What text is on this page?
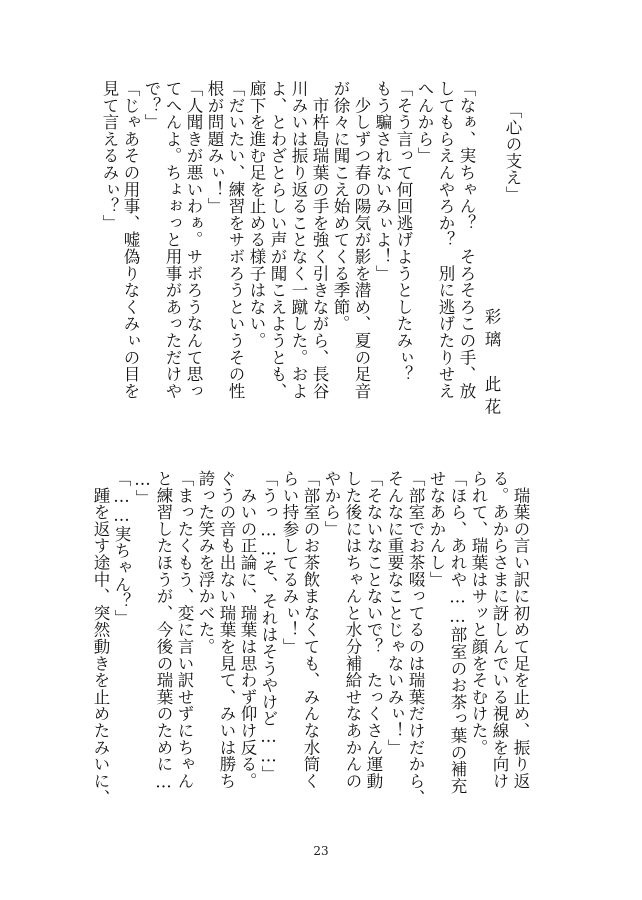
「心の支え」
彩璃　此花
「なぁ、実ちゃん？　そろそろこの手、放
してもらえんやろか？　別に逃げたりせえ
へんから」
「そう言って何回逃げようとしたみぃ？
もう騙されないみぃよ！」
　少しずつ春の陽気が影を潜め、夏の足音
が徐々に聞こえ始めてくる季節。
　市杵島瑞葉の手を強く引きながら、長谷
川みいは振り返ることなく一蹴した。およ
よ、とわざとらしい声が聞こえようとも、
廊下を進む足を止める様子はない。
「だいたい、練習をサボろうというその性
根が問題みぃ！」
「人聞きが悪いわぁ。サボろうなんて思っ
てへんよ。ちょぉっと用事があっただけや
で？」
「じゃあその用事、嘘偽りなくみぃの目を
見て言えるみぃ？」
　瑞葉の言い訳に初めて足を止め、振り返
る。あからさまに訝しんでいる視線を向け
られて、瑞葉はサッと顔をそむけた。
「ほら、あれや……部室のお茶っ葉の補充
せなあかんし」
「部室でお茶啜ってるのは瑞葉だけだから、
そんなに重要なことじゃないみぃ！」
「そないなことないで？　たっくさん運動
した後にはちゃんと水分補給せなあかんの
やから」
「部室のお茶飲まなくても、みんな水筒く
らい持参してるみぃ！」
「うっ……そ、それはそうやけど……」
　みいの正論に、瑞葉は思わず仰け反る。
ぐうの音も出ない瑞葉を見て、みいは勝ち
誇った笑みを浮かべた。
「まったくもう、変に言い訳せずにちゃん
と練習したほうが、今後の瑞葉のために…
…」
「……実ちゃん？」
　踵を返す途中、突然動きを止めたみいに、
23
